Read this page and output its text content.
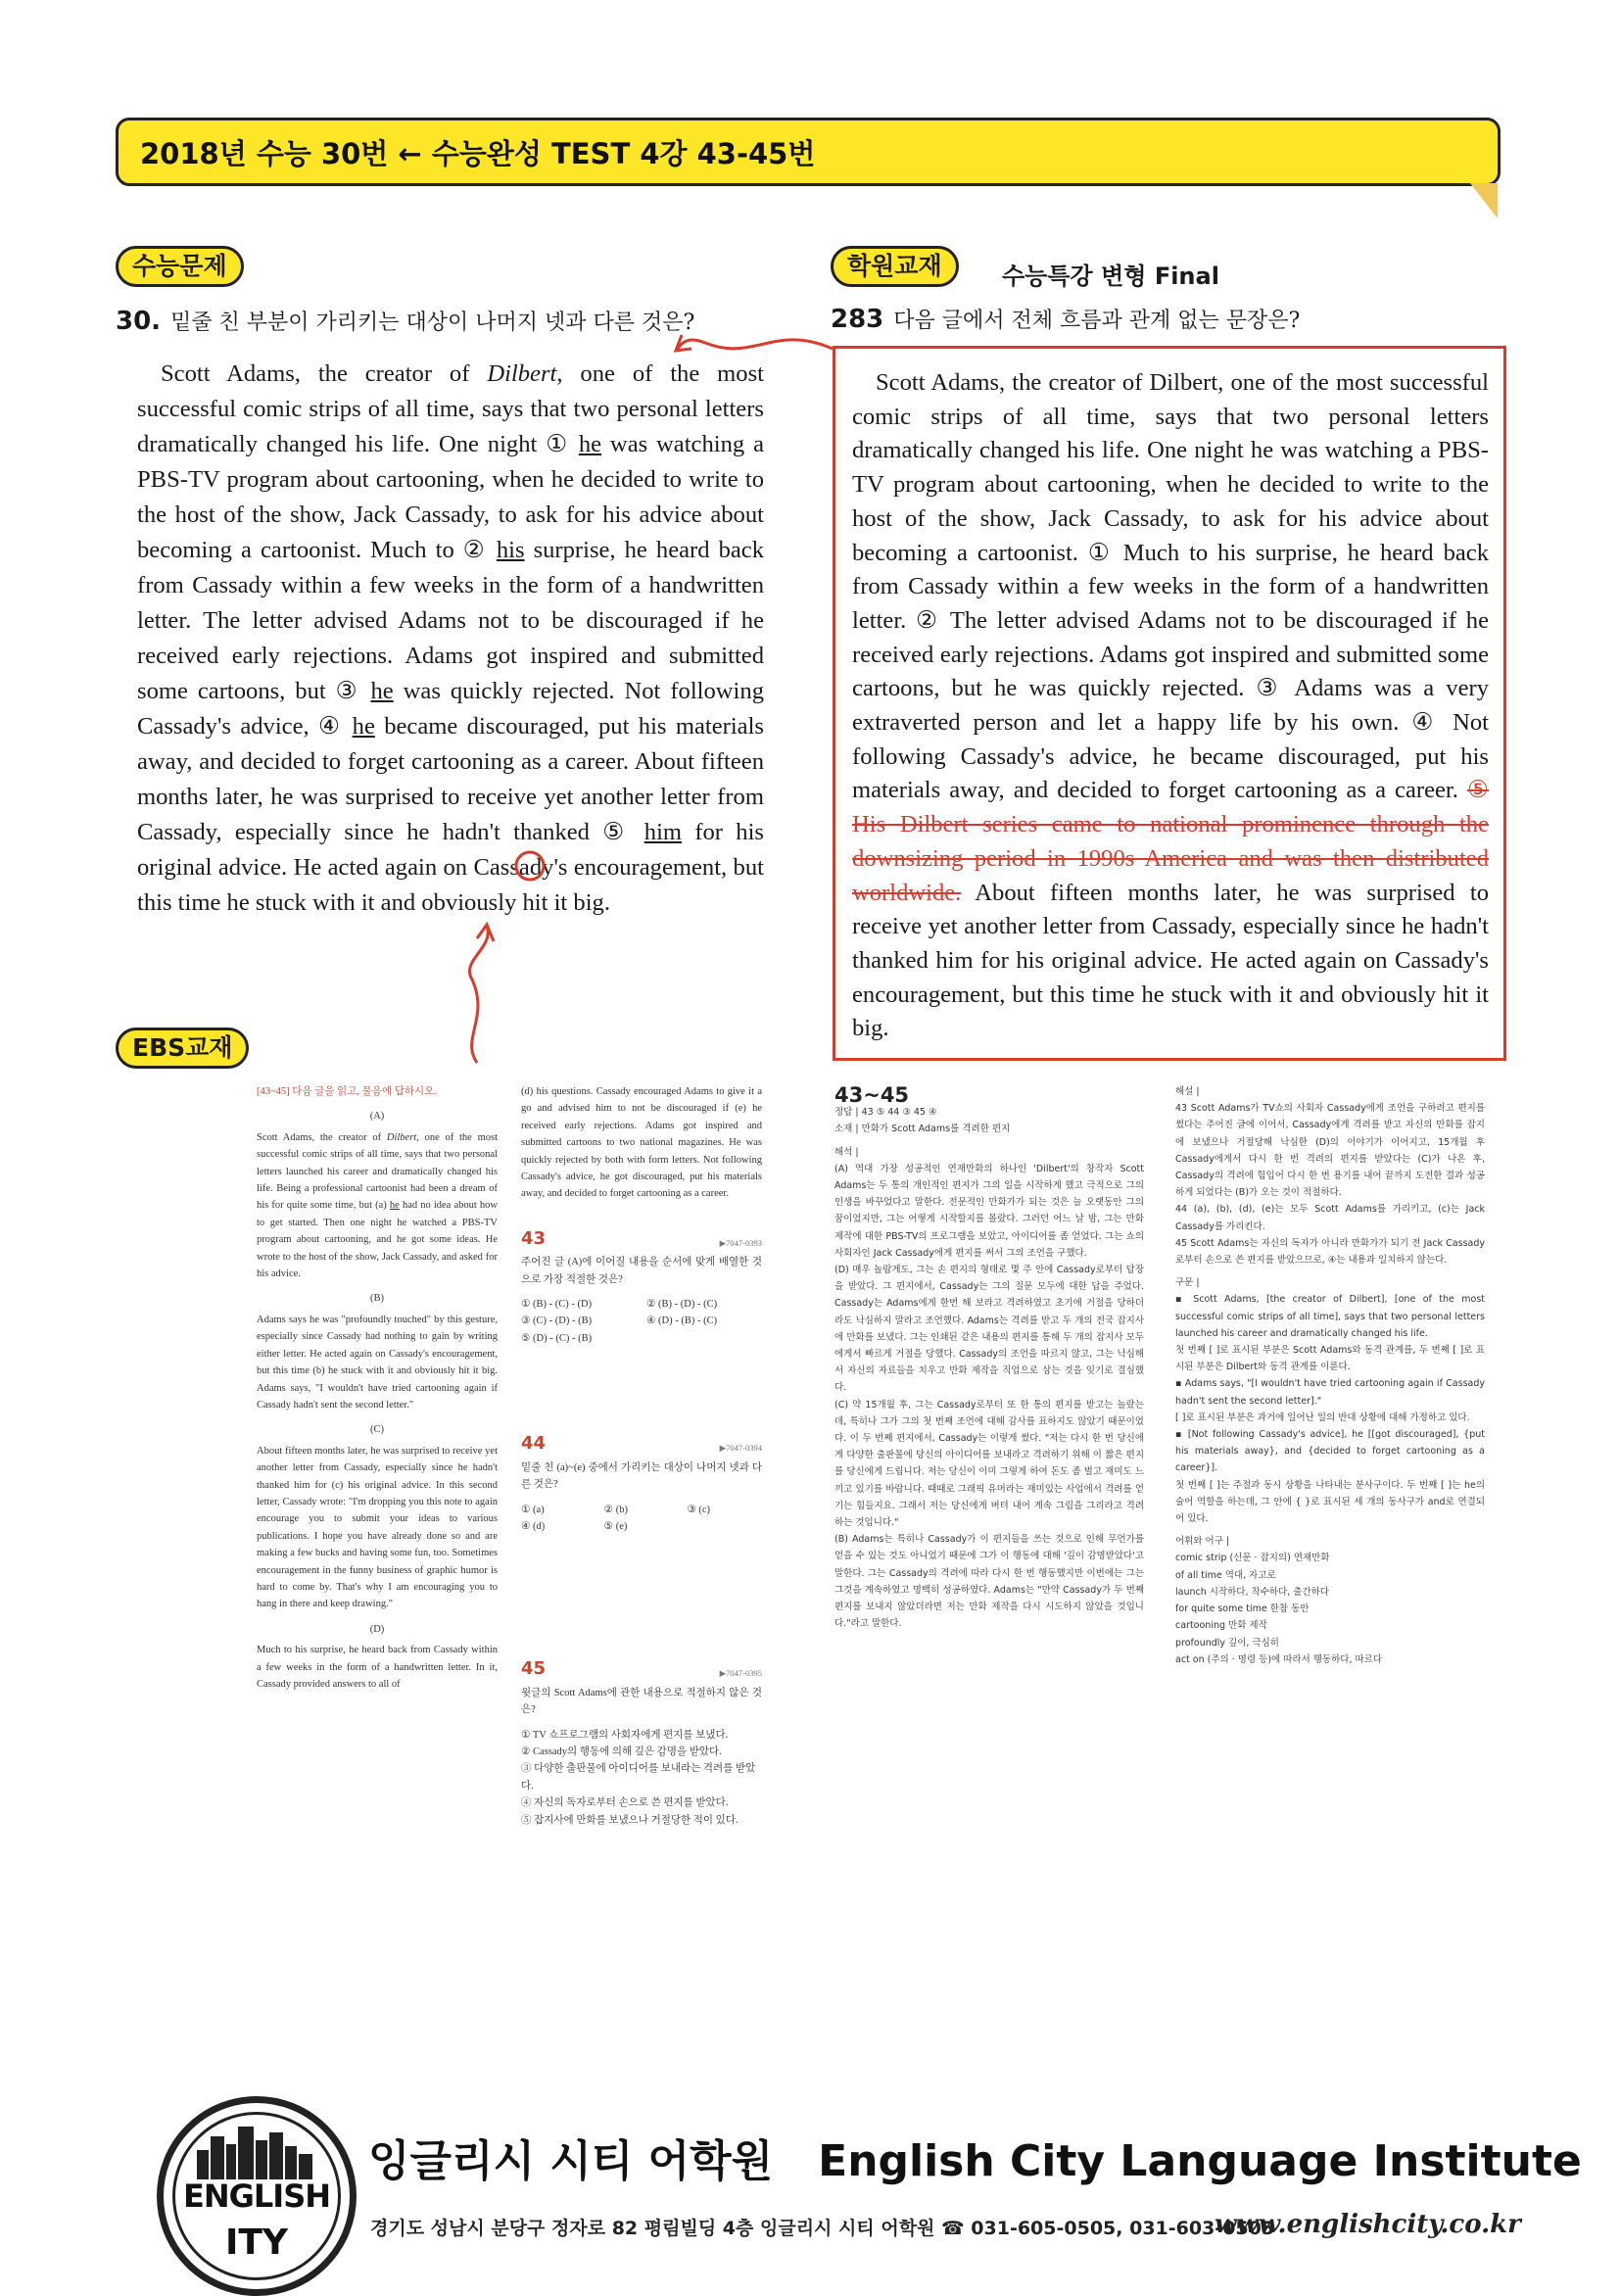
2018년 수능 30번 ← 수능완성 TEST 4강 43-45번
수능문제
30. 밑줄 친 부분이 가리키는 대상이 나머지 넷과 다른 것은?

Scott Adams, the creator of Dilbert, one of the most successful comic strips of all time, says that two personal letters dramatically changed his life. One night ① he was watching a PBS-TV program about cartooning, when he decided to write to the host of the show, Jack Cassady, to ask for his advice about becoming a cartoonist. Much to ② his surprise, he heard back from Cassady within a few weeks in the form of a handwritten letter. The letter advised Adams not to be discouraged if he received early rejections. Adams got inspired and submitted some cartoons, but ③ he was quickly rejected. Not following Cassady's advice, ④ he became discouraged, put his materials away, and decided to forget cartooning as a career. About fifteen months later, he was surprised to receive yet another letter from Cassady, especially since he hadn't thanked ⑤ him for his original advice. He acted again on Cassady's encouragement, but this time he stuck with it and obviously hit it big.

학원교재	수능특강 변형 Final
283 다음 글에서 전체 흐름과 관계 없는 문장은?

Scott Adams, the creator of Dilbert, one of the most successful comic strips of all time, says that two personal letters dramatically changed his life. One night he was watching a PBS-TV program about cartooning, when he decided to write to the host of the show, Jack Cassady, to ask for his advice about becoming a cartoonist. ① Much to his surprise, he heard back from Cassady within a few weeks in the form of a handwritten letter. ② The letter advised Adams not to be discouraged if he received early rejections. Adams got inspired and submitted some cartoons, but he was quickly rejected. ③ Adams was a very extraverted person and let a happy life by his own. ④ Not following Cassady's advice, he became discouraged, put his materials away, and decided to forget cartooning as a career. ⑤ His Dilbert series came to national prominence through the downsizing period in 1990s America and was then distributed worldwide. About fifteen months later, he was surprised to receive yet another letter from Cassady, especially since he hadn't thanked him for his original advice. He acted again on Cassady's encouragement, but this time he stuck with it and obviously hit it big.

EBS교재

[43~45] 다음 글을 읽고, 물음에 답하시오.

(A)

Scott Adams, the creator of Dilbert, one of the most successful comic strips of all time, says that two personal letters launched his career and dramatically changed his life. Being a professional cartoonist had been a dream of his for quite some time, but (a) he had no idea about how to get started. Then one night he watched a PBS-TV program about cartooning, and he got some ideas. He wrote to the host of the show, Jack Cassady, and asked for his advice.

(B)

Adams says he was "profoundly touched" by this gesture, especially since Cassady had nothing to gain by writing either letter. He acted again on Cassady's encouragement, but this time (b) he stuck with it and obviously hit it big. Adams says, "I wouldn't have tried cartooning again if Cassady hadn't sent the second letter."

(C)

About fifteen months later, he was surprised to receive yet another letter from Cassady, especially since he hadn't thanked him for (c) his original advice. In this second letter, Cassady wrote: "I'm dropping you this note to again encourage you to submit your ideas to various publications. I hope you have already done so and are making a few bucks and having some fun, too. Sometimes encouragement in the funny business of graphic humor is hard to come by. That's why I am encouraging you to hang in there and keep drawing."

(D)

Much to his surprise, he heard back from Cassady within a few weeks in the form of a handwritten letter. In it, Cassady provided answers to all of

(d) his questions. Cassady encouraged Adams to give it a go and advised him to not be discouraged if (e) he received early rejections. Adams got inspired and submitted cartoons to two national magazines. He was quickly rejected by both with form letters. Not following Cassady's advice, he got discouraged, put his materials away, and decided to forget cartooning as a career.

43	▶7047-0393

주어진 글 (A)에 이어질 내용을 순서에 맞게 배열한 것으로 가장 적절한 것은?

① (B) - (C) - (D)	② (B) - (D) - (C)
③ (C) - (D) - (B)	④ (D) - (B) - (C)
⑤ (D) - (C) - (B)
44	▶7047-0394

밑줄 친 (a)~(e) 중에서 가리키는 대상이 나머지 넷과 다른 것은?

① (a)	② (b)	③ (c)
④ (d)	⑤ (e)
45	▶7047-0395

윗글의 Scott Adams에 관한 내용으로 적절하지 않은 것은?

① TV 쇼프로그램의 사회자에게 편지를 보냈다.
② Cassady의 행동에 의해 깊은 감명을 받았다.
③ 다양한 출판물에 아이디어를 보내라는 격려를 받았다.
④ 자신의 독자로부터 손으로 쓴 편지를 받았다.
⑤ 잡지사에 만화를 보냈으나 거절당한 적이 있다.
43~45

정답 | 43 ⑤ 44 ③ 45 ④

소재 | 만화가 Scott Adams를 격려한 편지

해석 |

(A) 역대 가장 성공적인 연재만화의 하나인 'Dilbert'의 창작자 Scott Adams는 두 통의 개인적인 편지가 그의 일을 시작하게 했고 극적으로 그의 인생을 바꾸었다고 말한다. 전문적인 만화가가 되는 것은 늘 오랫동안 그의 꿈이었지만, 그는 어떻게 시작할지를 몰랐다. 그러던 어느 날 밤, 그는 만화 제작에 대한 PBS-TV의 프로그램을 보았고, 아이디어를 좀 얻었다. 그는 쇼의 사회자인 Jack Cassady에게 편지를 써서 그의 조언을 구했다.
(D) 매우 놀랍게도, 그는 손 편지의 형태로 몇 주 안에 Cassady로부터 답장을 받았다. 그 편지에서, Cassady는 그의 질문 모두에 대한 답을 주었다. Cassady는 Adams에게 한번 해 보라고 격려하였고 초기에 거절을 당하더라도 낙심하지 말라고 조언했다. Adams는 격려를 받고 두 개의 전국 잡지사에 만화를 보냈다. 그는 인쇄된 같은 내용의 편지를 통해 두 개의 잡지사 모두에게서 빠르게 거절을 당했다. Cassady의 조언을 따르지 않고, 그는 낙심해서 자신의 자료들을 치우고 만화 제작을 직업으로 삼는 것을 잊기로 결심했다.
(C) 약 15개월 후, 그는 Cassady로부터 또 한 통의 편지를 받고는 놀랐는데, 특히나 그가 그의 첫 번째 조언에 대해 감사를 표하지도 않았기 때문이었다. 이 두 번째 편지에서, Cassady는 이렇게 썼다. "저는 다시 한 번 당신에게 다양한 출판물에 당신의 아이디어를 보내라고 격려하기 위해 이 짧은 편지를 당신에게 드립니다. 저는 당신이 이미 그렇게 하여 돈도 좀 벌고 재미도 느끼고 있기를 바랍니다. 때때로 그래픽 유머라는 재미있는 사업에서 격려를 얻기는 힘들지요. 그래서 저는 당신에게 버텨 내어 계속 그림을 그리라고 격려하는 것입니다."
(B) Adams는 특히나 Cassady가 이 편지들을 쓰는 것으로 인해 무언가를 얻을 수 있는 것도 아니었기 때문에 그가 이 행동에 대해 '깊이 감명받았다'고 말한다. 그는 Cassady의 격려에 따라 다시 한 번 행동했지만 이번에는 그는 그것을 계속하였고 명백히 성공하였다. Adams는 "만약 Cassady가 두 번째 편지를 보내지 않았더라면 저는 만화 제작을 다시 시도하지 않았을 것입니다."라고 말한다.

해설 |

43 Scott Adams가 TV쇼의 사회자 Cassady에게 조언을 구하려고 편지를 썼다는 주어진 글에 이어서, Cassady에게 격려를 받고 자신의 만화를 잡지에 보냈으나 거절당해 낙심한 (D)의 이야기가 이어지고, 15개월 후 Cassady에게서 다시 한 번 격려의 편지를 받았다는 (C)가 나온 후, Cassady의 격려에 힘입어 다시 한 번 용기를 내어 끝까지 도전한 결과 성공하게 되었다는 (B)가 오는 것이 적절하다.
44 (a), (b), (d), (e)는 모두 Scott Adams를 가리키고, (c)는 Jack Cassady를 가리킨다.
45 Scott Adams는 자신의 독자가 아니라 만화가가 되기 전 Jack Cassady로부터 손으로 쓴 편지를 받았으므로, ④는 내용과 일치하지 않는다.

구문 |

▪ Scott Adams, [the creator of Dilbert], [one of the most successful comic strips of all time], says that two personal letters launched his career and dramatically changed his life.
첫 번째 [ ]로 표시된 부분은 Scott Adams와 동격 관계를, 두 번째 [ ]로 표시된 부분은 Dilbert와 동격 관계를 이룬다.
▪ Adams says, "[I wouldn't have tried cartooning again if Cassady hadn't sent the second letter]."
[ ]로 표시된 부분은 과거에 일어난 일의 반대 상황에 대해 가정하고 있다.
▪ [Not following Cassady's advice], he [[got discouraged], {put his materials away}, and {decided to forget cartooning as a career}].
첫 번째 [ ]는 주절과 동시 상황을 나타내는 분사구이다. 두 번째 [ ]는 he의 술어 역할을 하는데, 그 안에 { }로 표시된 세 개의 동사구가 and로 연결되어 있다.

어휘와 어구 |

comic strip (신문 · 잡지의) 연재만화
of all time 역대, 자고로
launch 시작하다, 착수하다, 출간하다
for quite some time 한참 동안
cartooning 만화 제작
profoundly 깊이, 극심히
act on (주의 · 명령 등)에 따라서 행동하다, 따르다

ENGLISH
ITY
잉글리시 시티 어학원 English City Language Institute
경기도 성남시 분당구 정자로 82 평림빌딩 4층 잉글리시 시티 어학원 ☎ 031-605-0505, 031-603-0505
www.englishcity.co.kr
